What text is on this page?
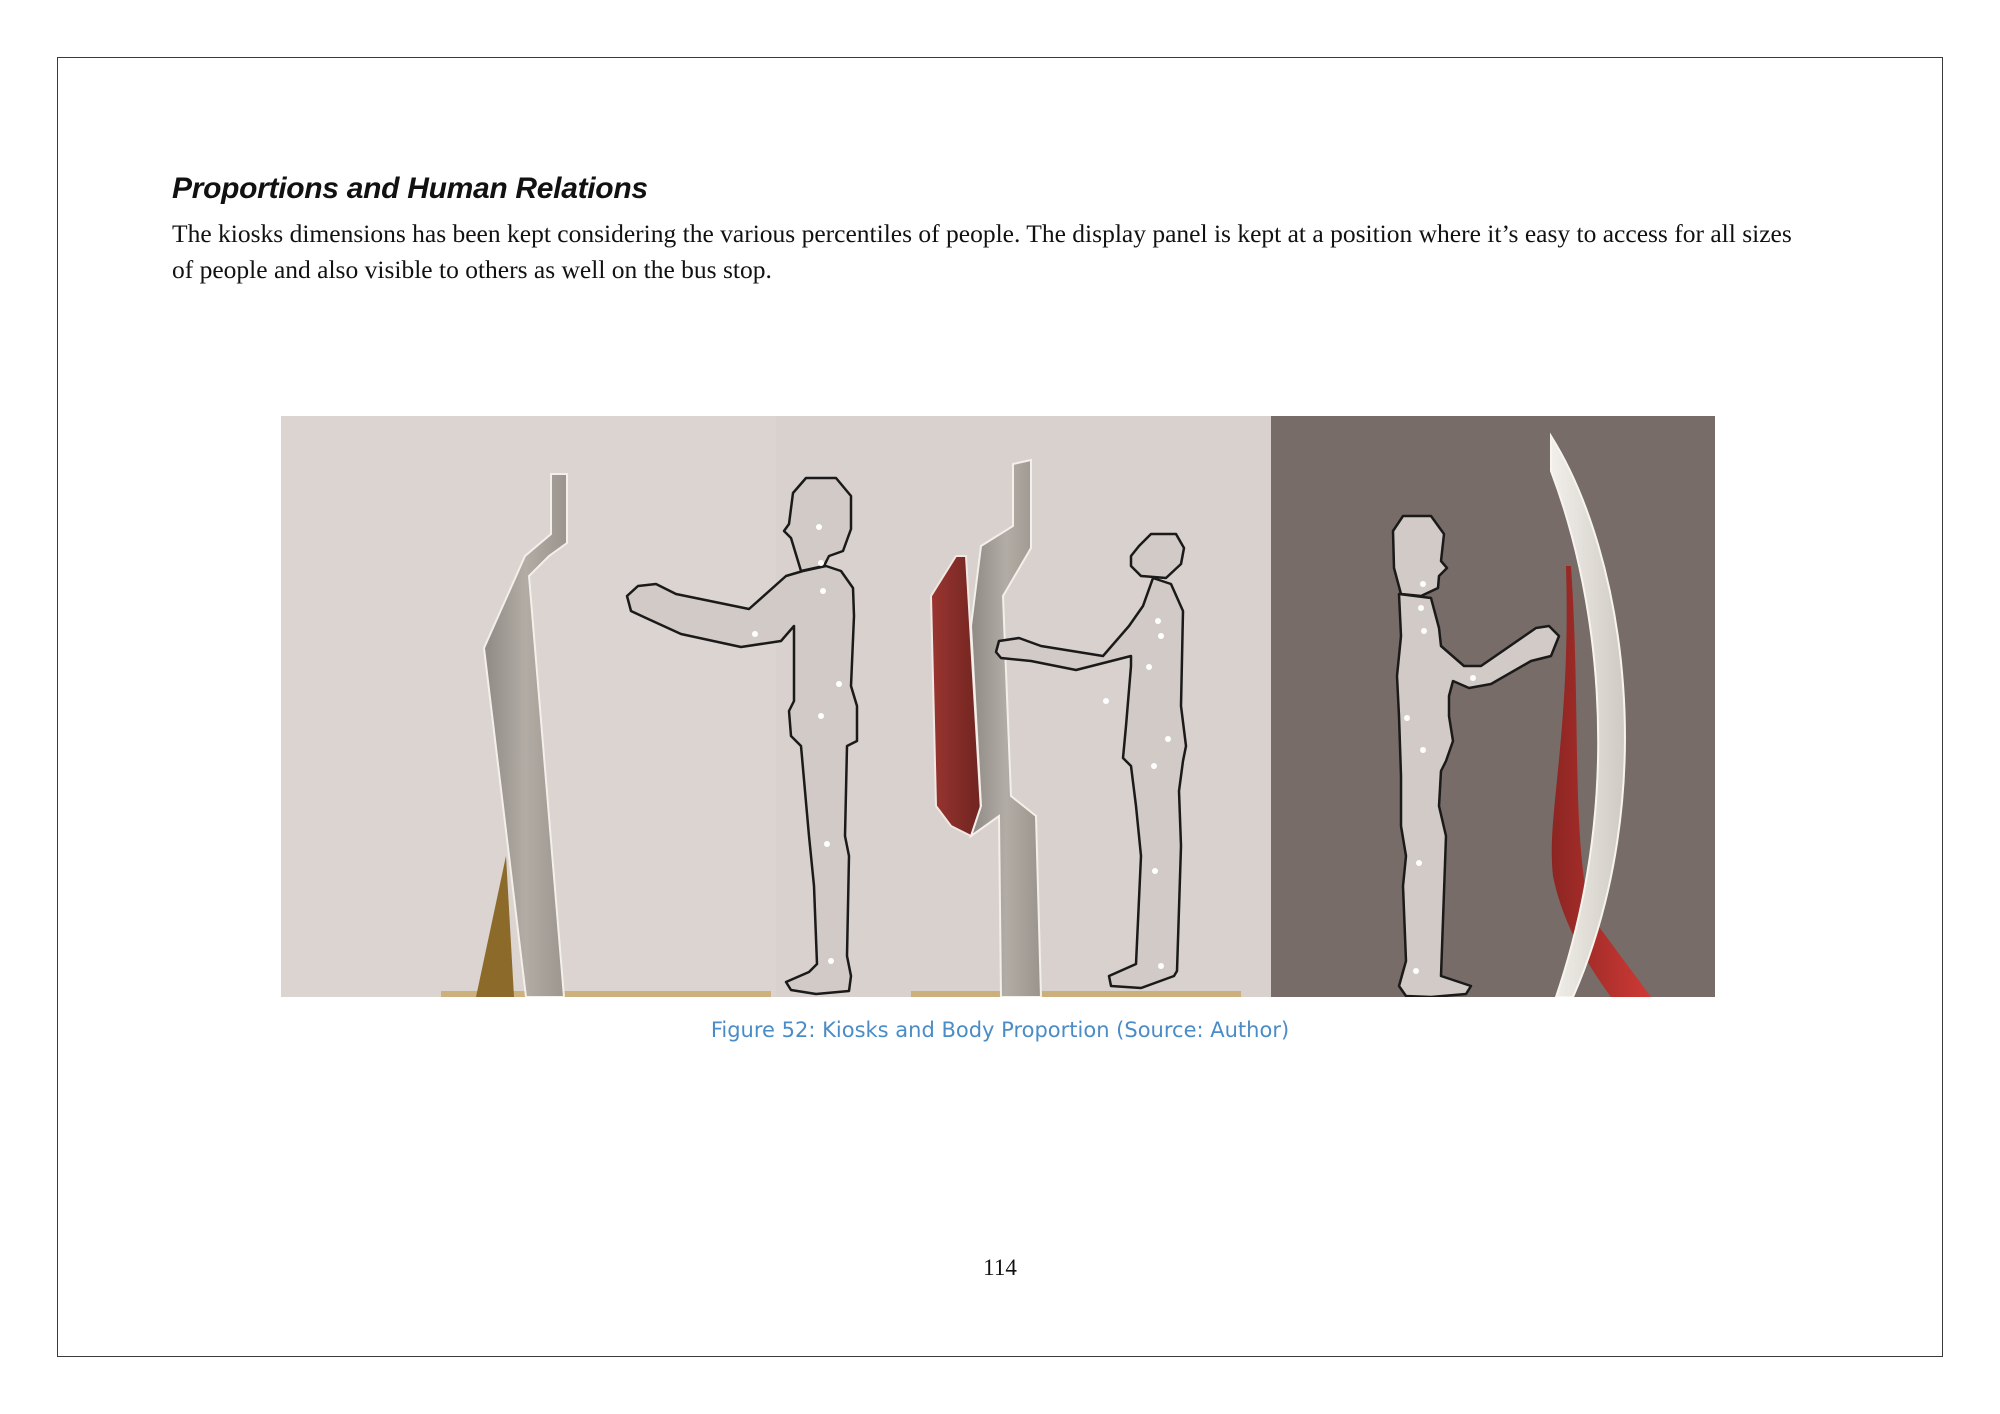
Proportions and Human Relations

The kiosks dimensions has been kept considering the various percentiles of people. The display panel is kept at a position where it’s easy to access for all sizes of people and also visible to others as well on the bus stop.

Figure 52: Kiosks and Body Proportion (Source: Author)
114
